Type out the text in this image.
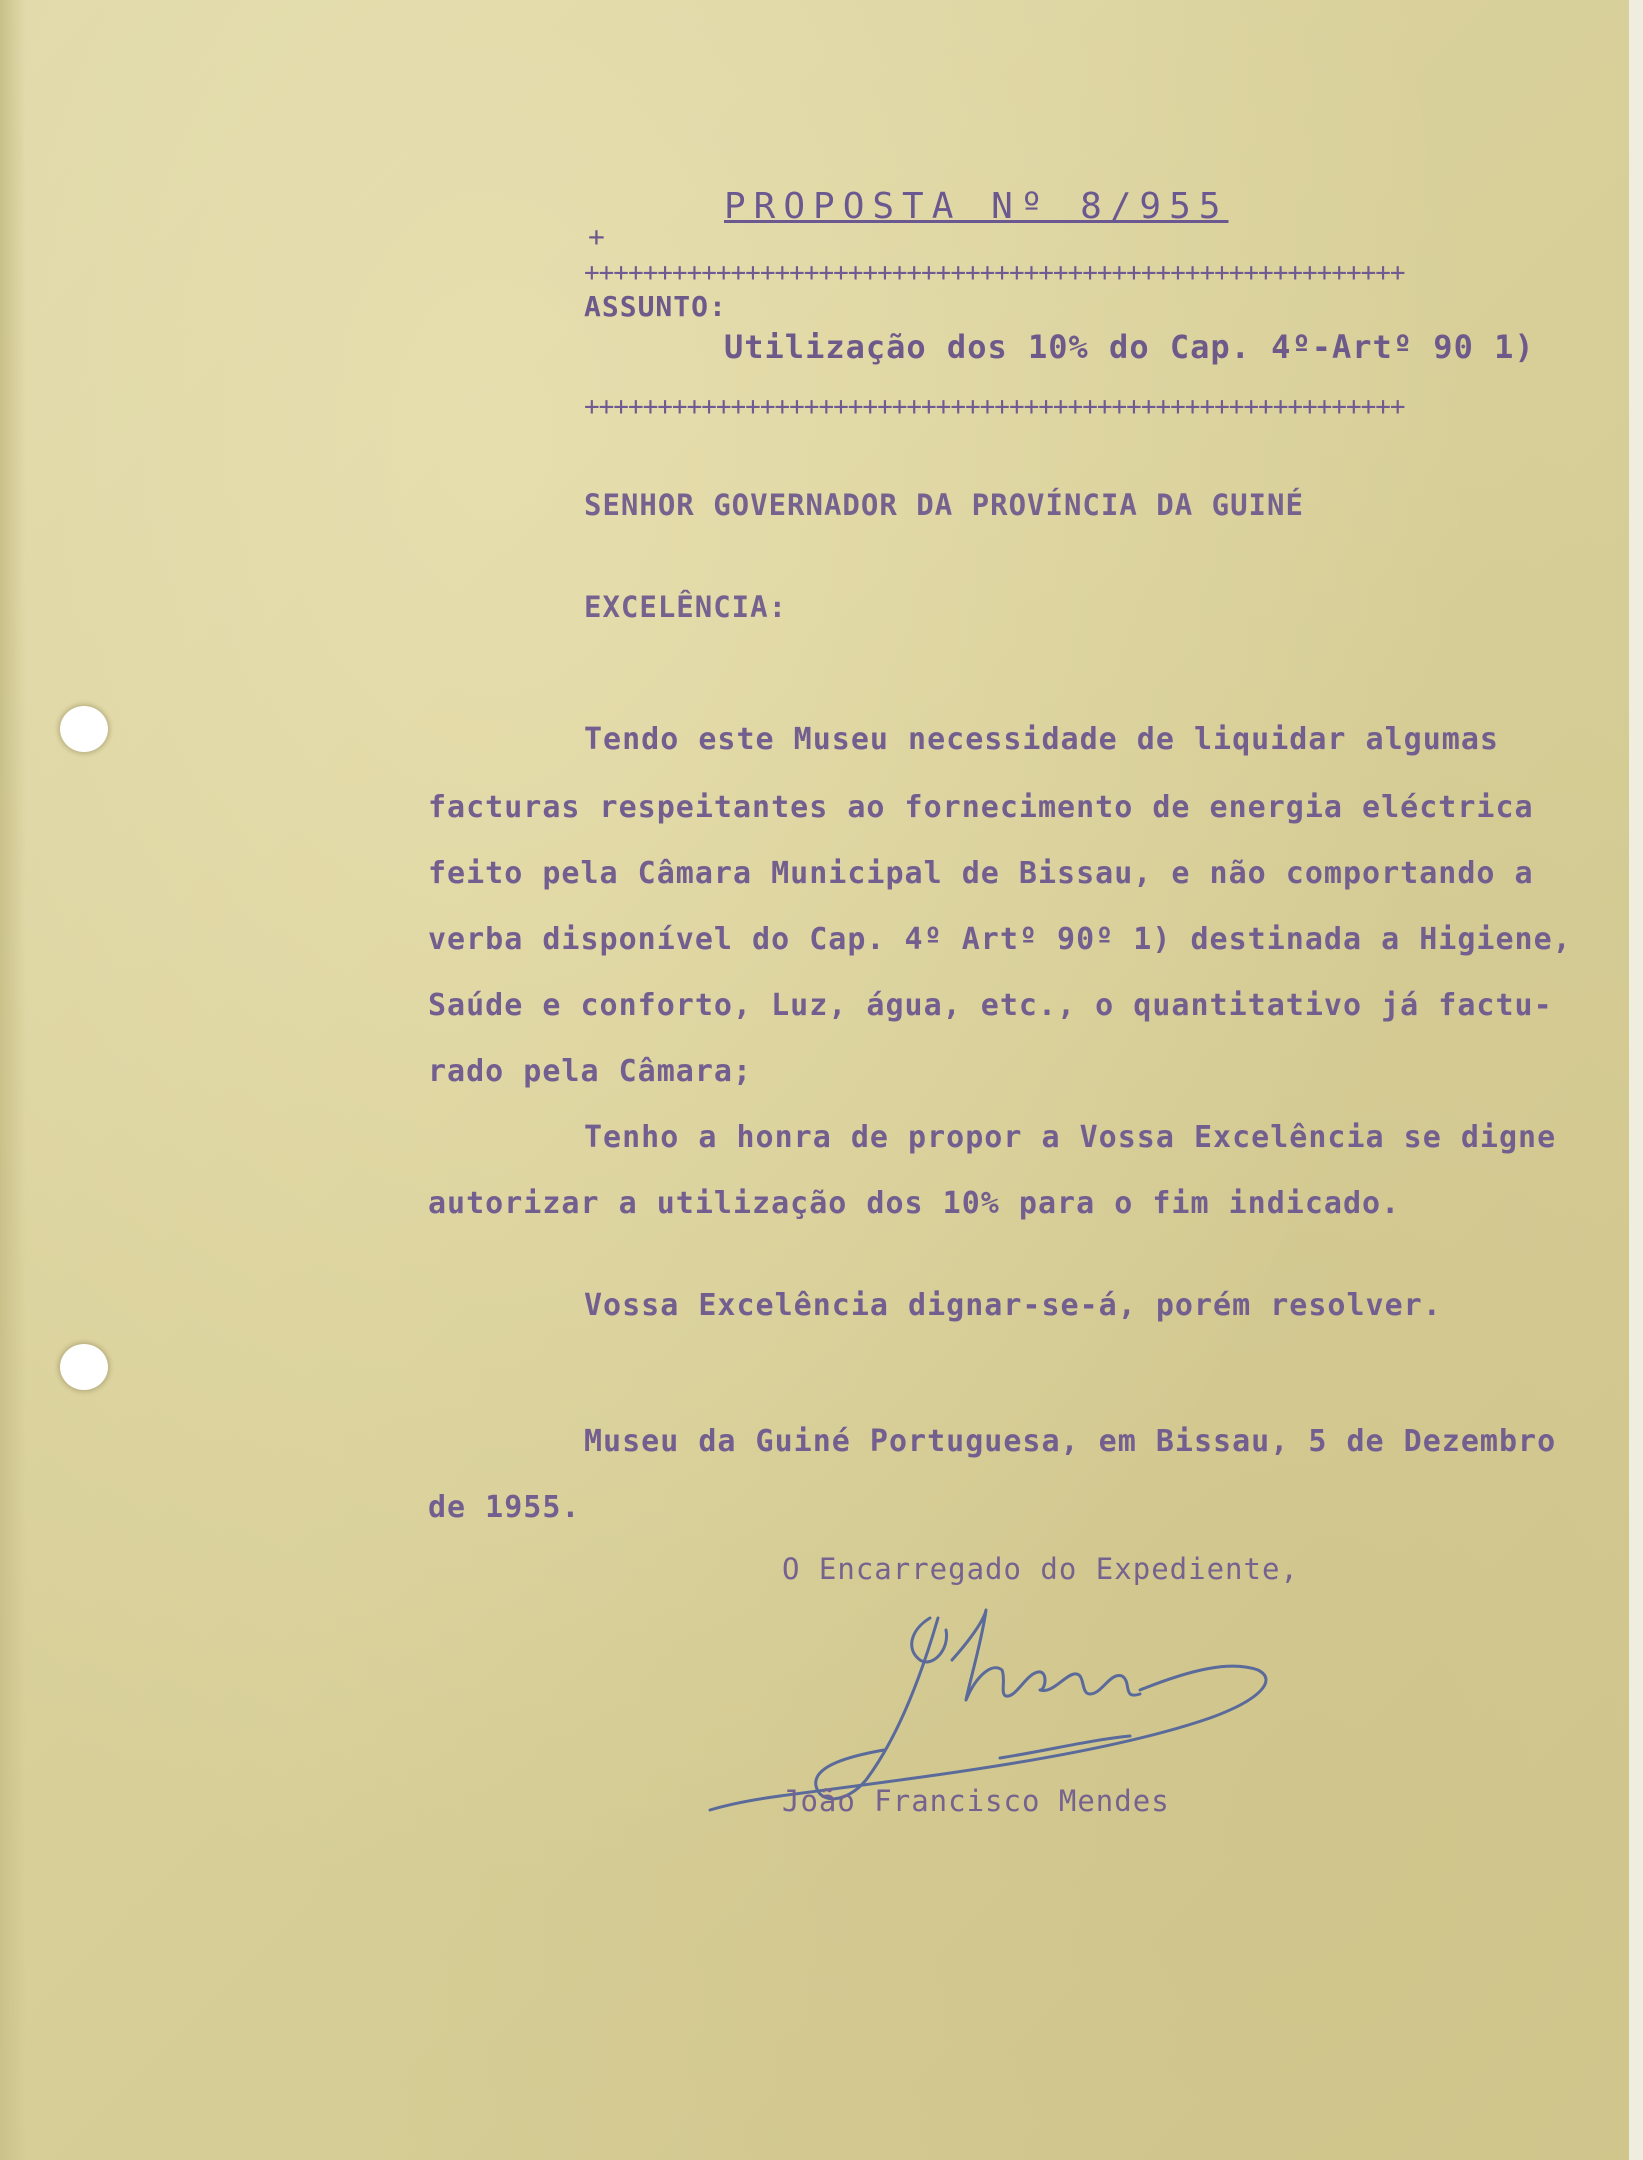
PROPOSTA Nº 8/955
+
++++++++++++++++++++++++++++++++++++++++++++++++++++++++
ASSUNTO:
Utilização dos 10% do Cap. 4º-Artº 90 1)
++++++++++++++++++++++++++++++++++++++++++++++++++++++++
SENHOR GOVERNADOR DA PROVÍNCIA DA GUINÉ
EXCELÊNCIA:
Tendo este Museu necessidade de liquidar algumas
facturas respeitantes ao fornecimento de energia eléctrica
feito pela Câmara Municipal de Bissau, e não comportando a
verba disponível do Cap. 4º Artº 90º 1) destinada a Higiene,
Saúde e conforto, Luz, água, etc., o quantitativo já factu-
rado pela Câmara;
Tenho a honra de propor a Vossa Excelência se digne
autorizar a utilização dos 10% para o fim indicado.
Vossa Excelência dignar-se-á, porém resolver.
Museu da Guiné Portuguesa, em Bissau, 5 de Dezembro
de 1955.
O Encarregado do Expediente,
João Francisco Mendes
